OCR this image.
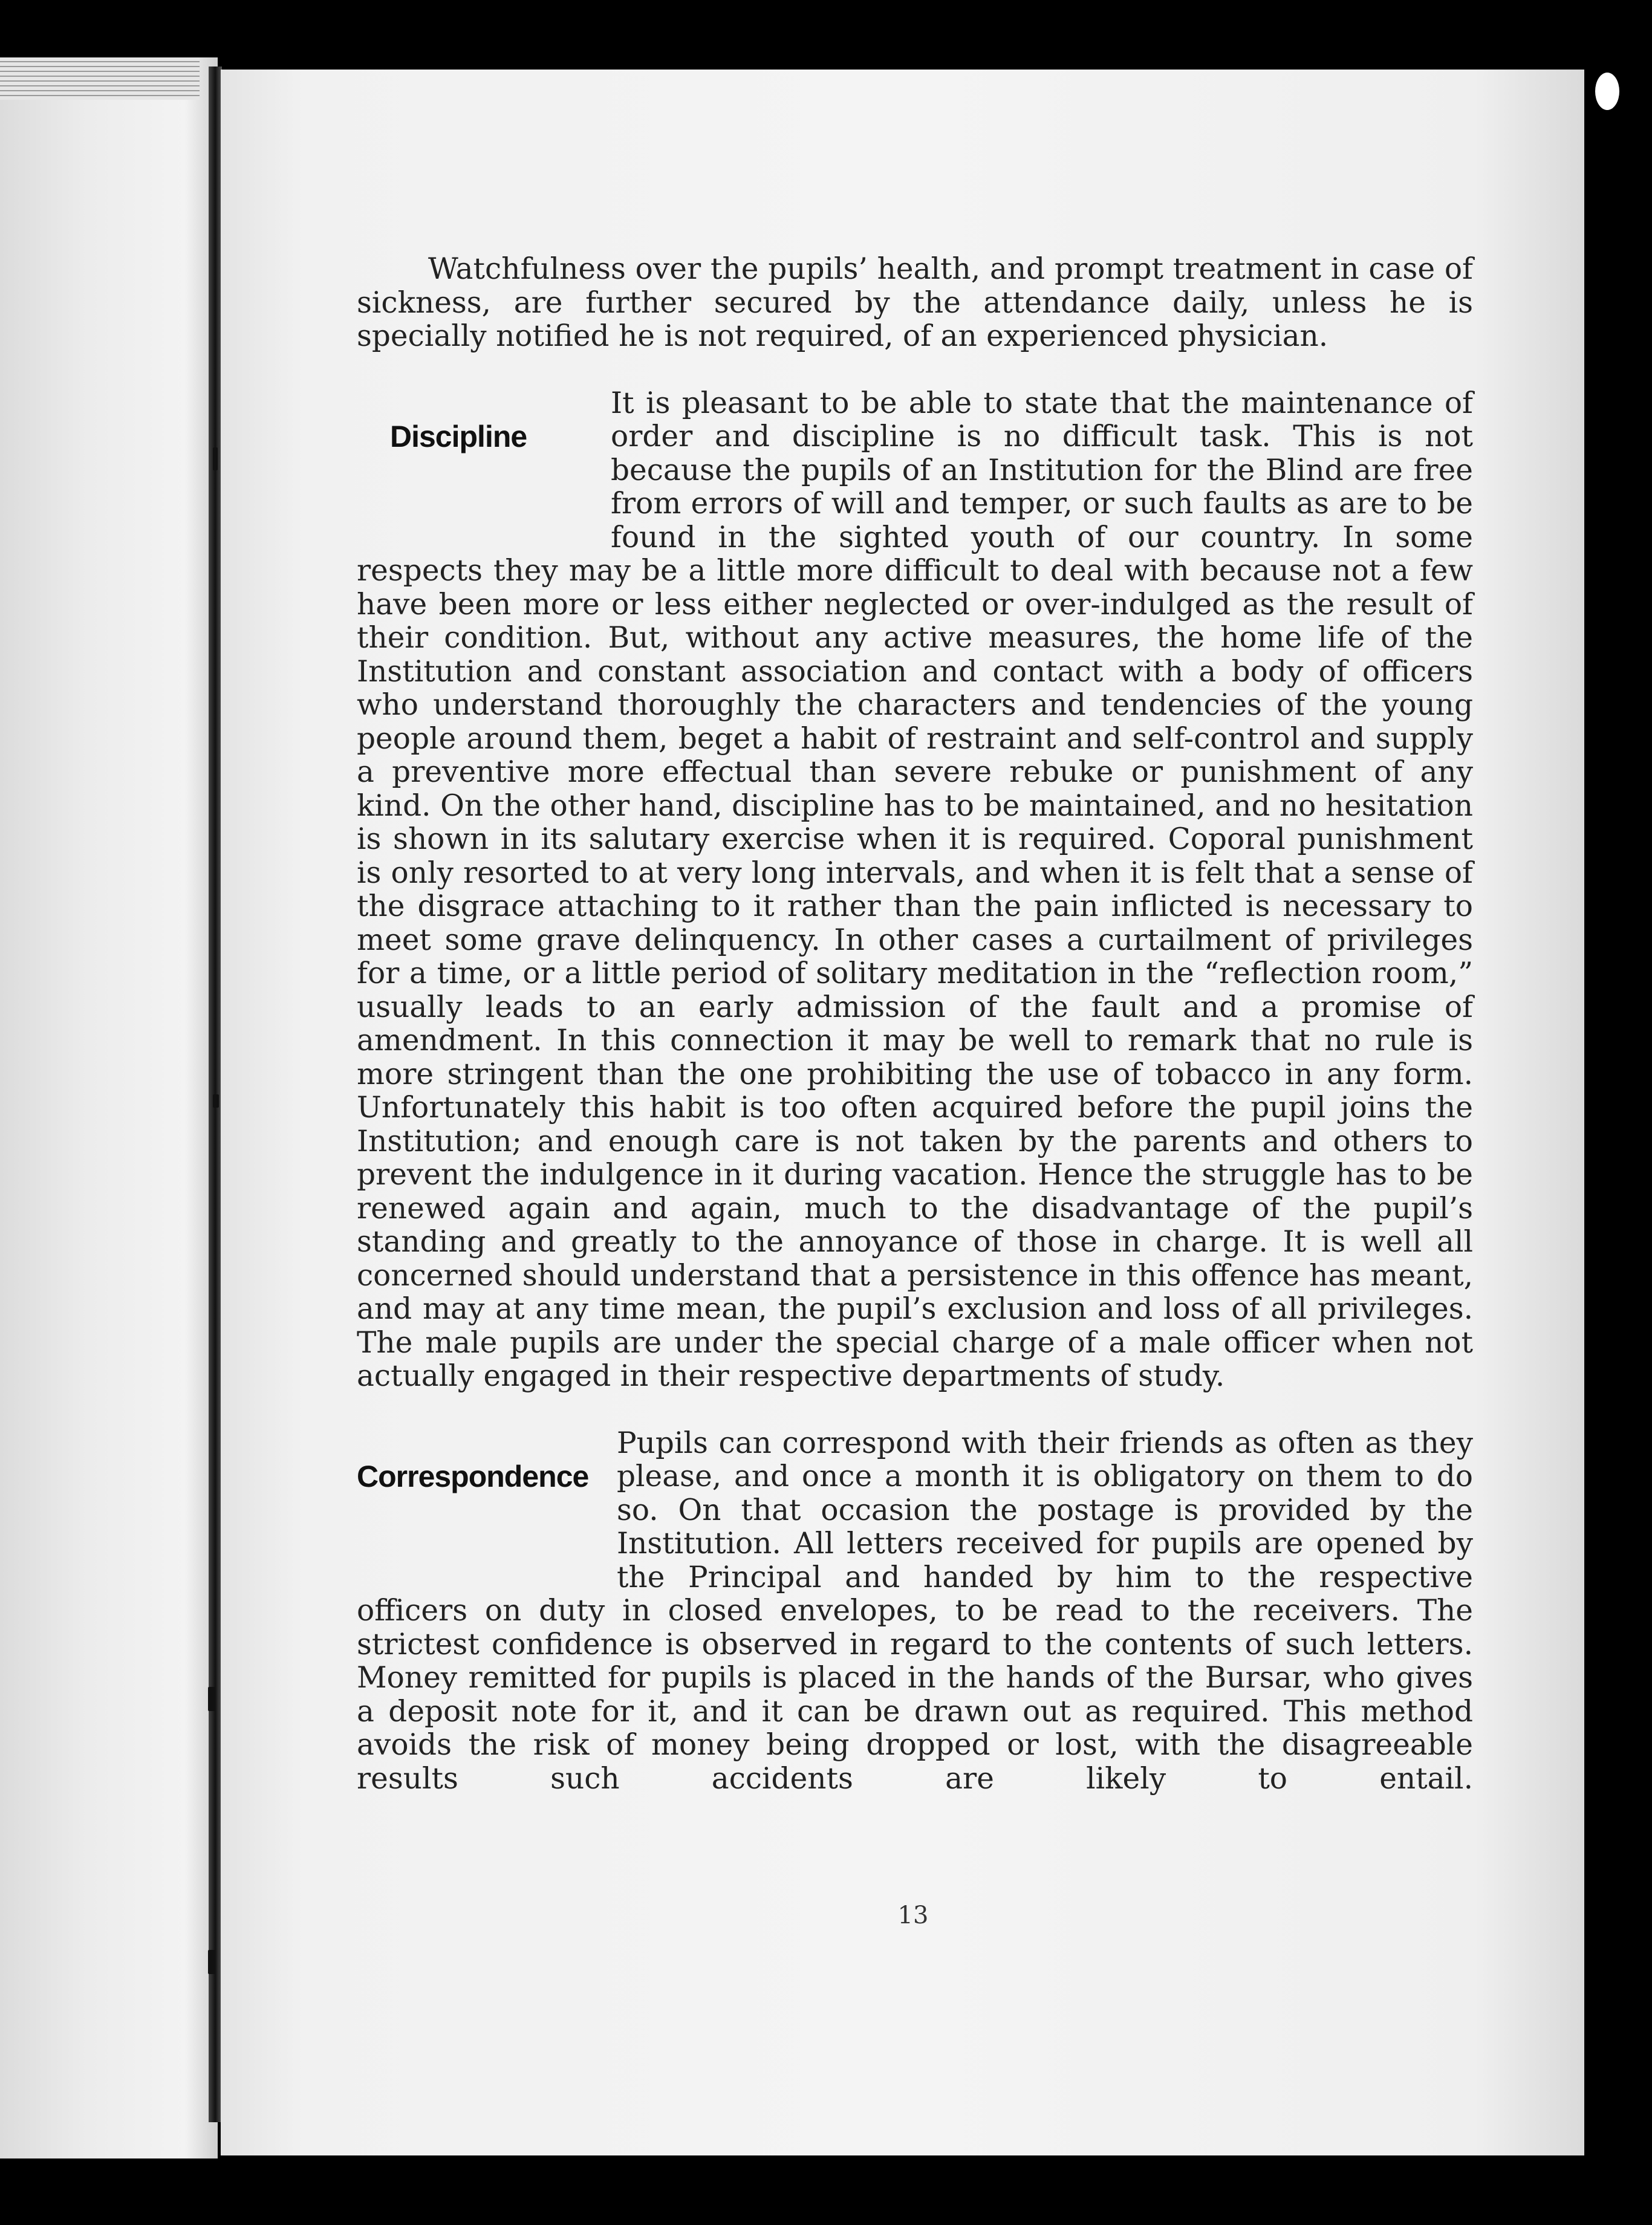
Watchfulness over the pupils’ health, and prompt treatment in case of sickness, are further secured by the attendance daily, unless he is specially notified he is not required, of an experienced physician.

Discipline

It is pleasant to be able to state that the maintenance of order and discipline is no difficult task. This is not because the pupils of an Institution for the Blind are free from errors of will and temper, or such faults as are to be found in the sighted youth of our country. In some respects they may be a little more difficult to deal with because not a few have been more or less either neglected or over-indulged as the result of their condition. But, without any active measures, the home life of the Institution and constant association and contact with a body of officers who understand thoroughly the characters and tendencies of the young people around them, beget a habit of restraint and self-control and supply a preventive more effectual than severe rebuke or punishment of any kind. On the other hand, discipline has to be maintained, and no hesitation is shown in its salutary exercise when it is required. Coporal punishment is only resorted to at very long intervals, and when it is felt that a sense of the disgrace attaching to it rather than the pain inflicted is necessary to meet some grave delinquency. In other cases a curtailment of privileges for a time, or a little period of solitary meditation in the “reflection room,” usually leads to an early admission of the fault and a promise of amendment. In this connection it may be well to remark that no rule is more stringent than the one prohibiting the use of tobacco in any form. Unfortunately this habit is too often acquired before the pupil joins the Institution; and enough care is not taken by the parents and others to prevent the indulgence in it during vacation. Hence the struggle has to be renewed again and again, much to the disadvantage of the pupil’s standing and greatly to the annoyance of those in charge. It is well all concerned should understand that a persistence in this offence has meant, and may at any time mean, the pupil’s exclusion and loss of all privileges. The male pupils are under the special charge of a male officer when not actually engaged in their respective departments of study.

Correspondence

Pupils can correspond with their friends as often as they please, and once a month it is obligatory on them to do so. On that occasion the postage is provided by the Institution. All letters received for pupils are opened by the Principal and handed by him to the respective officers on duty in closed envelopes, to be read to the receivers. The strictest confidence is observed in regard to the contents of such letters. Money remitted for pupils is placed in the hands of the Bursar, who gives a deposit note for it, and it can be drawn out as required. This method avoids the risk of money being dropped or lost, with the disagreeable results such accidents are likely to entail.

13
